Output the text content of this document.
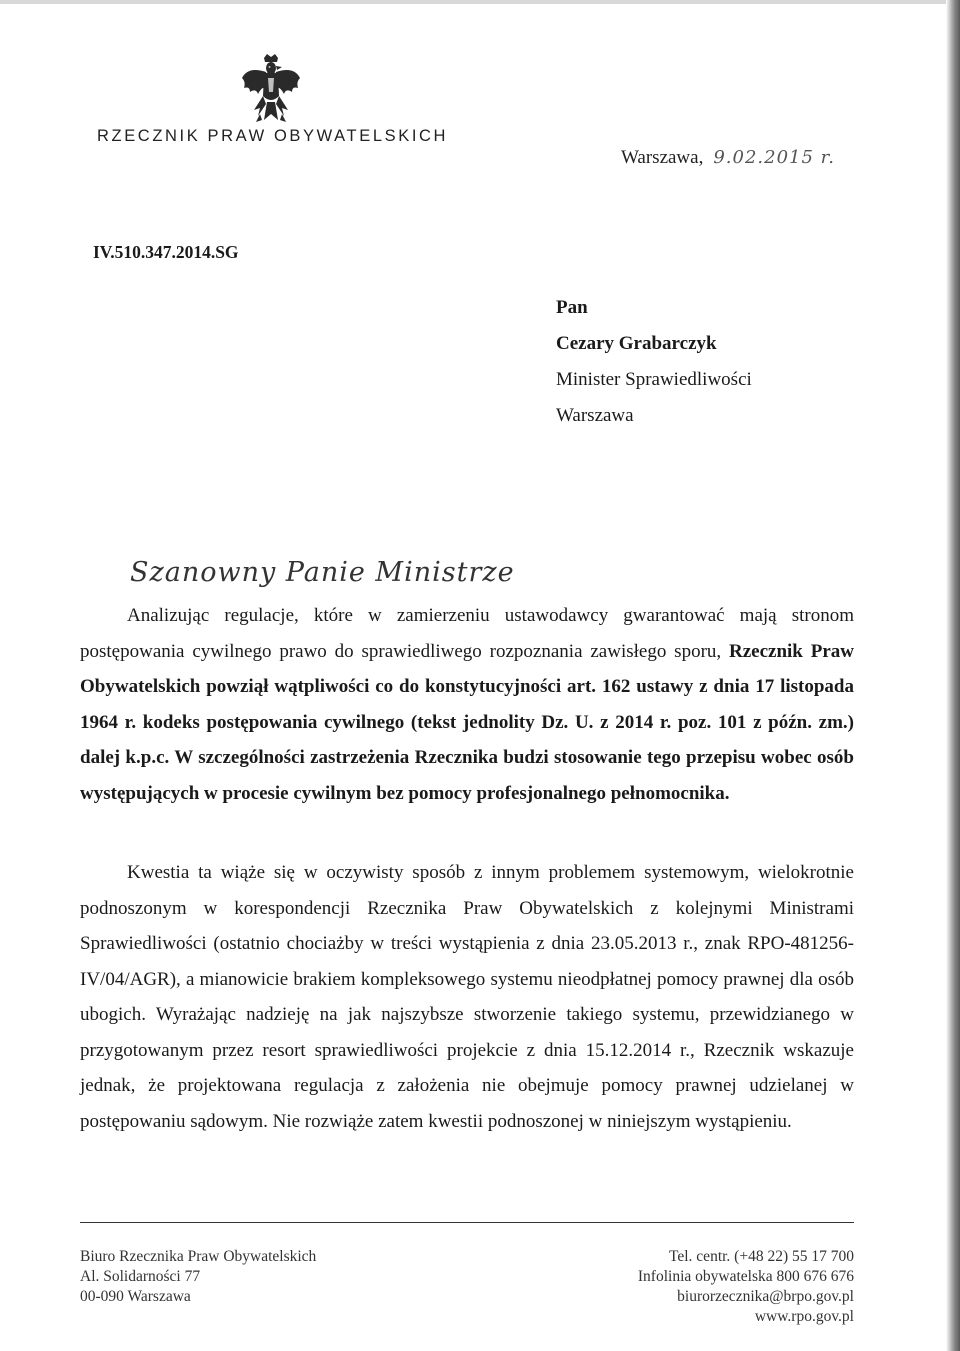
RZECZNIK PRAW OBYWATELSKICH
Warszawa, 9.02.2015 r.
IV.510.347.2014.SG
Pan
Cezary Grabarczyk
Minister Sprawiedliwości
Warszawa
Szanowny Panie Ministrze

Analizując regulacje, które w zamierzeniu ustawodawcy gwarantować mają stronom postępowania cywilnego prawo do sprawiedliwego rozpoznania zawisłego sporu, Rzecznik Praw Obywatelskich powziął wątpliwości co do konstytucyjności art. 162 ustawy z dnia 17 listopada 1964 r. kodeks postępowania cywilnego (tekst jednolity Dz. U. z 2014 r. poz. 101 z późn. zm.) dalej k.p.c. W szczególności zastrzeżenia Rzecznika budzi stosowanie tego przepisu wobec osób występujących w procesie cywilnym bez pomocy profesjonalnego pełnomocnika.

Kwestia ta wiąże się w oczywisty sposób z innym problemem systemowym, wielokrotnie podnoszonym w korespondencji Rzecznika Praw Obywatelskich z kolejnymi Ministrami Sprawiedliwości (ostatnio chociażby w treści wystąpienia z dnia 23.05.2013 r., znak RPO-481256-IV/04/AGR), a mianowicie brakiem kompleksowego systemu nieodpłatnej pomocy prawnej dla osób ubogich. Wyrażając nadzieję na jak najszybsze stworzenie takiego systemu, przewidzianego w przygotowanym przez resort sprawiedliwości projekcie z dnia 15.12.2014 r., Rzecznik wskazuje jednak, że projektowana regulacja z założenia nie obejmuje pomocy prawnej udzielanej w postępowaniu sądowym. Nie rozwiąże zatem kwestii podnoszonej w niniejszym wystąpieniu.

Biuro Rzecznika Praw Obywatelskich
Al. Solidarności 77
00-090 Warszawa
Tel. centr. (+48 22) 55 17 700
Infolinia obywatelska 800 676 676
biurorzecznika@brpo.gov.pl
www.rpo.gov.pl
